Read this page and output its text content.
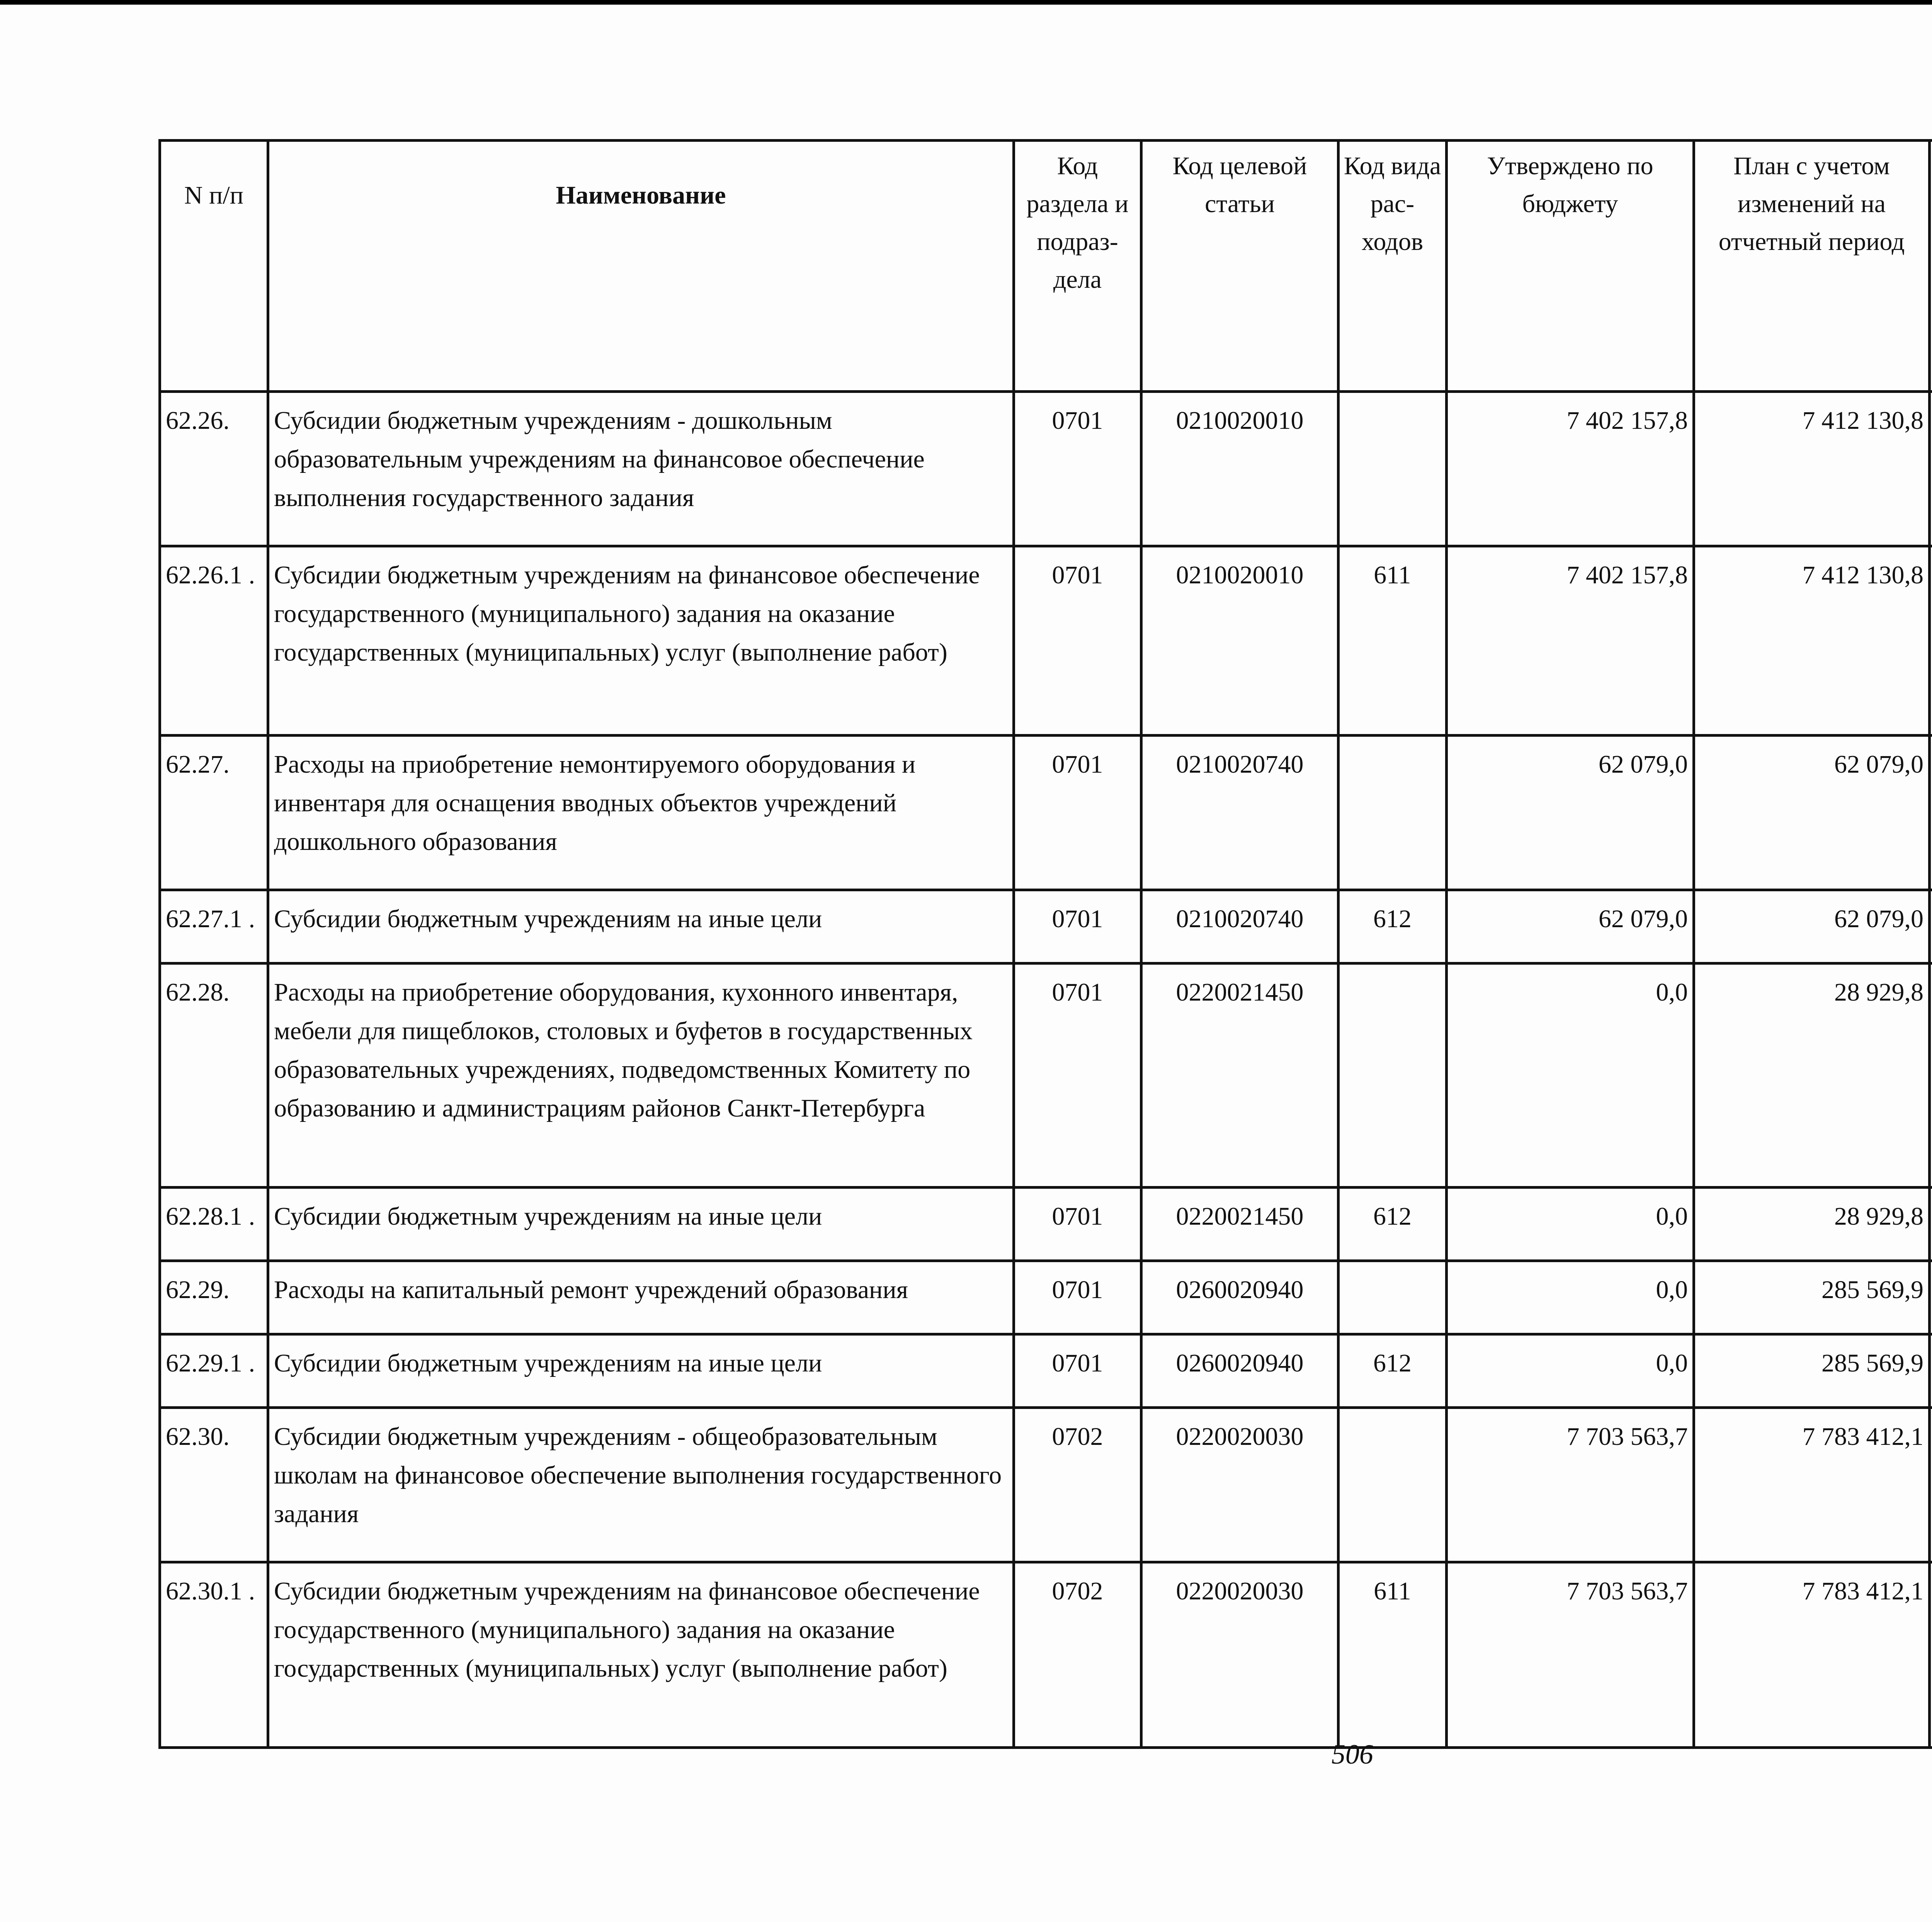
N п/п	Наименование	Код раздела и подраз- дела	Код целевой статьи	Код вида рас- ходов	Утверждено по бюджету	План с учетом изменений на отчетный период		

62.26.	Субсидии бюджетным учреждениям - дошкольным образовательным учреждениям на финансовое обеспечение выполнения государственного задания	0701	0210020010		7 402 157,8	7 412 130,8			
62.26.1 .	Субсидии бюджетным учреждениям на финансовое обеспечение государственного (муниципального) задания на оказание государственных (муниципальных) услуг (выполнение работ)	0701	0210020010	611	7 402 157,8	7 412 130,8			
62.27.	Расходы на приобретение немонтируемого оборудования и инвентаря для оснащения вводных объектов учреждений дошкольного образования	0701	0210020740		62 079,0	62 079,0			
62.27.1 .	Субсидии бюджетным учреждениям на иные цели	0701	0210020740	612	62 079,0	62 079,0			
62.28.	Расходы на приобретение оборудования, кухонного инвентаря, мебели для пищеблоков, столовых и буфетов в государственных образовательных учреждениях, подведомственных Комитету по образованию и администрациям районов Санкт-Петербурга	0701	0220021450		0,0	28 929,8			
62.28.1 .	Субсидии бюджетным учреждениям на иные цели	0701	0220021450	612	0,0	28 929,8			
62.29.	Расходы на капитальный ремонт учреждений образования	0701	0260020940		0,0	285 569,9			
62.29.1 .	Субсидии бюджетным учреждениям на иные цели	0701	0260020940	612	0,0	285 569,9			
62.30.	Субсидии бюджетным учреждениям - общеобразовательным школам на финансовое обеспечение выполнения государственного задания	0702	0220020030		7 703 563,7	7 783 412,1			
62.30.1 .	Субсидии бюджетным учреждениям на финансовое обеспечение государственного (муниципального) задания на оказание государственных (муниципальных) услуг (выполнение работ)	0702	0220020030	611	7 703 563,7	7 783 412,1			
506
